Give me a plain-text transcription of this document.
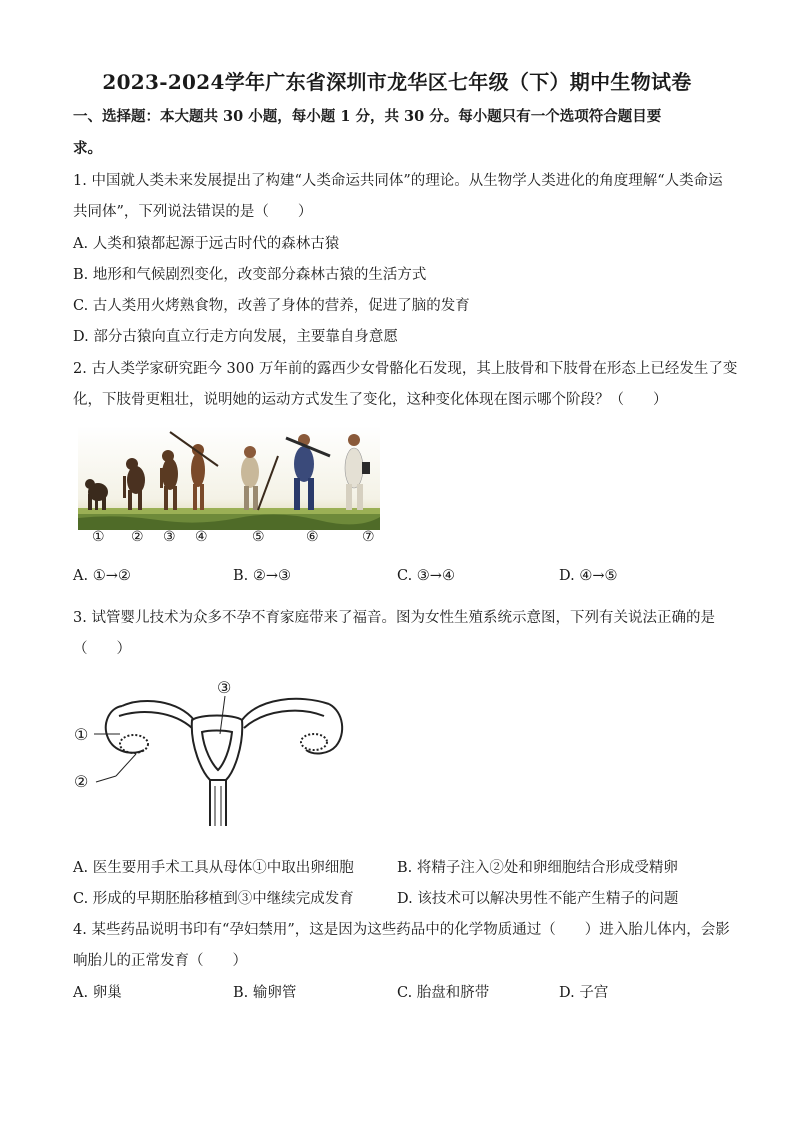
2023-2024学年广东省深圳市龙华区七年级（下）期中生物试卷
一、选择题：本大题共 30 小题，每小题 1 分，共 30 分。每小题只有一个选项符合题目要
求。
1. 中国就人类未来发展提出了构建“人类命运共同体”的理论。从生物学人类进化的角度理解“人类命运
共同体”，下列说法错误的是（　　）
A. 人类和猿都起源于远古时代的森林古猿
B. 地形和气候剧烈变化，改变部分森林古猿的生活方式
C. 古人类用火烤熟食物，改善了身体的营养，促进了脑的发育
D. 部分古猿向直立行走方向发展，主要靠自身意愿
2. 古人类学家研究距今 300 万年前的露西少女骨骼化石发现，其上肢骨和下肢骨在形态上已经发生了变
化，下肢骨更粗壮，说明她的运动方式发生了变化，这种变化体现在图示哪个阶段？（　　）
① ② ③ ④	⑤	⑥	⑦
A. ①→②	B. ②→③	C. ③→④	D. ④→⑤
3. 试管婴儿技术为众多不孕不育家庭带来了福音。图为女性生殖系统示意图，下列有关说法正确的是
（　　）
③
①
②
A. 医生要用手术工具从母体①中取出卵细胞	B. 将精子注入②处和卵细胞结合形成受精卵
C. 形成的早期胚胎移植到③中继续完成发育	D. 该技术可以解决男性不能产生精子的问题
4. 某些药品说明书印有“孕妇禁用”，这是因为这些药品中的化学物质通过（　　）进入胎儿体内，会影
响胎儿的正常发育（　　）
A. 卵巢	B. 输卵管	C. 胎盘和脐带	D. 子宫
